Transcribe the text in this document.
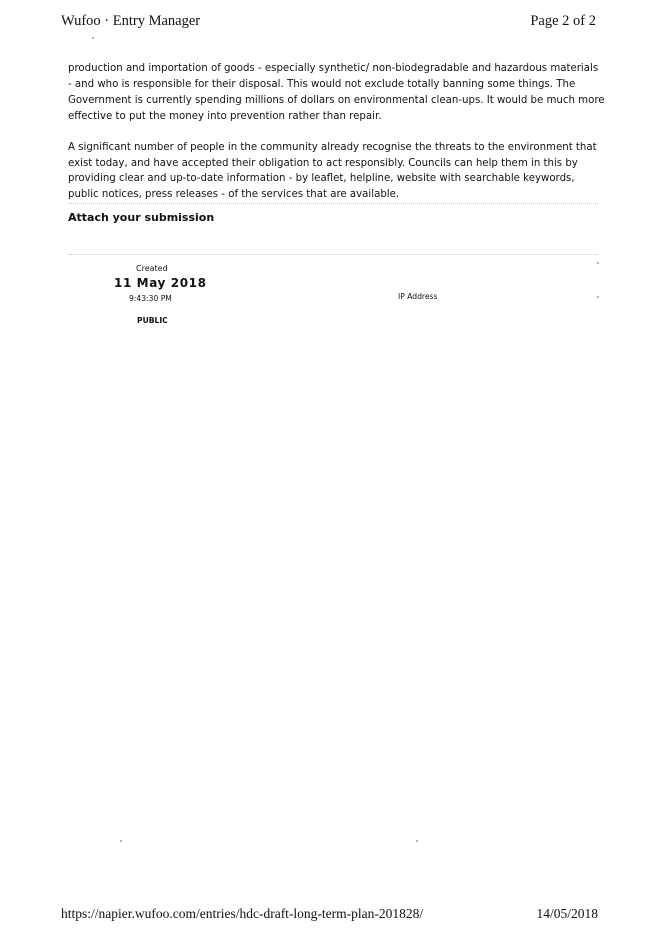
Wufoo · Entry Manager	Page 2 of 2

production and importation of goods - especially synthetic/ non-biodegradable and hazardous materials

- and who is responsible for their disposal. This would not exclude totally banning some things. The

Government is currently spending millions of dollars on environmental clean-ups. It would be much more

effective to put the money into prevention rather than repair.

A significant number of people in the community already recognise the threats to the environment that

exist today, and have accepted their obligation to act responsibly. Councils can help them in this by

providing clear and up-to-date information - by leaflet, helpline, website with searchable keywords,

public notices, press releases - of the services that are available.

Attach your submission
Created
11 May 2018
9:43:30 PM
PUBLIC
IP Address
https://napier.wufoo.com/entries/hdc-draft-long-term-plan-201828/	14/05/2018
